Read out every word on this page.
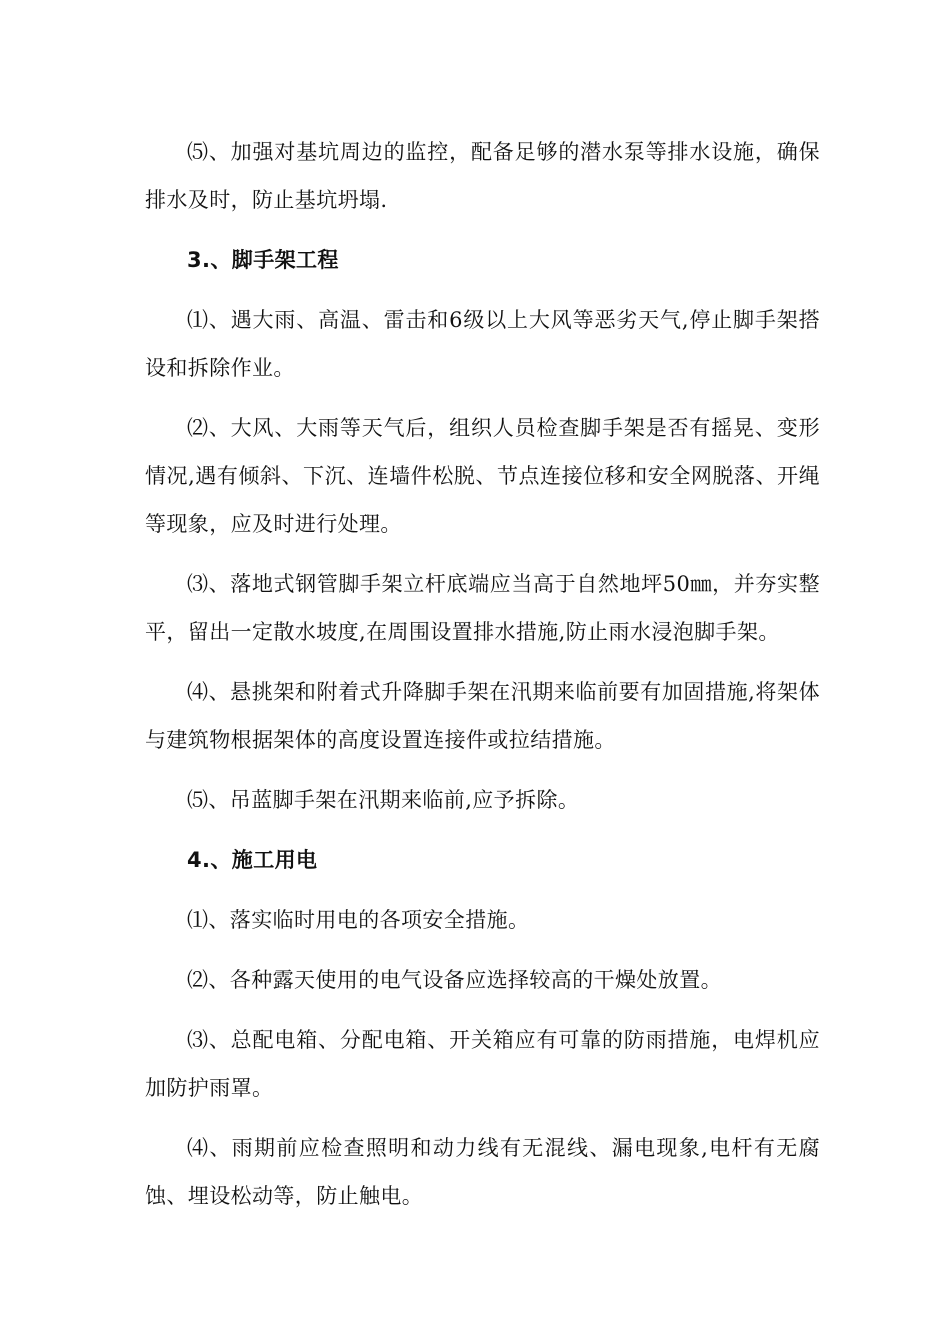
⑸、加强对基坑周边的监控，配备足够的潜水泵等排水设施，确保排水及时，防止基坑坍塌.

3.、脚手架工程

⑴、遇大雨、高温、雷击和6级以上大风等恶劣天气,停止脚手架搭设和拆除作业。

⑵、大风、大雨等天气后，组织人员检查脚手架是否有摇晃、变形情况,遇有倾斜、下沉、连墙件松脱、节点连接位移和安全网脱落、开绳等现象，应及时进行处理。

⑶、落地式钢管脚手架立杆底端应当高于自然地坪50㎜，并夯实整平，留出一定散水坡度,在周围设置排水措施,防止雨水浸泡脚手架。

⑷、悬挑架和附着式升降脚手架在汛期来临前要有加固措施,将架体与建筑物根据架体的高度设置连接件或拉结措施。

⑸、吊蓝脚手架在汛期来临前,应予拆除。

4.、施工用电

⑴、落实临时用电的各项安全措施。

⑵、各种露天使用的电气设备应选择较高的干燥处放置。

⑶、总配电箱、分配电箱、开关箱应有可靠的防雨措施，电焊机应加防护雨罩。

⑷、雨期前应检查照明和动力线有无混线、漏电现象,电杆有无腐蚀、埋设松动等，防止触电。
